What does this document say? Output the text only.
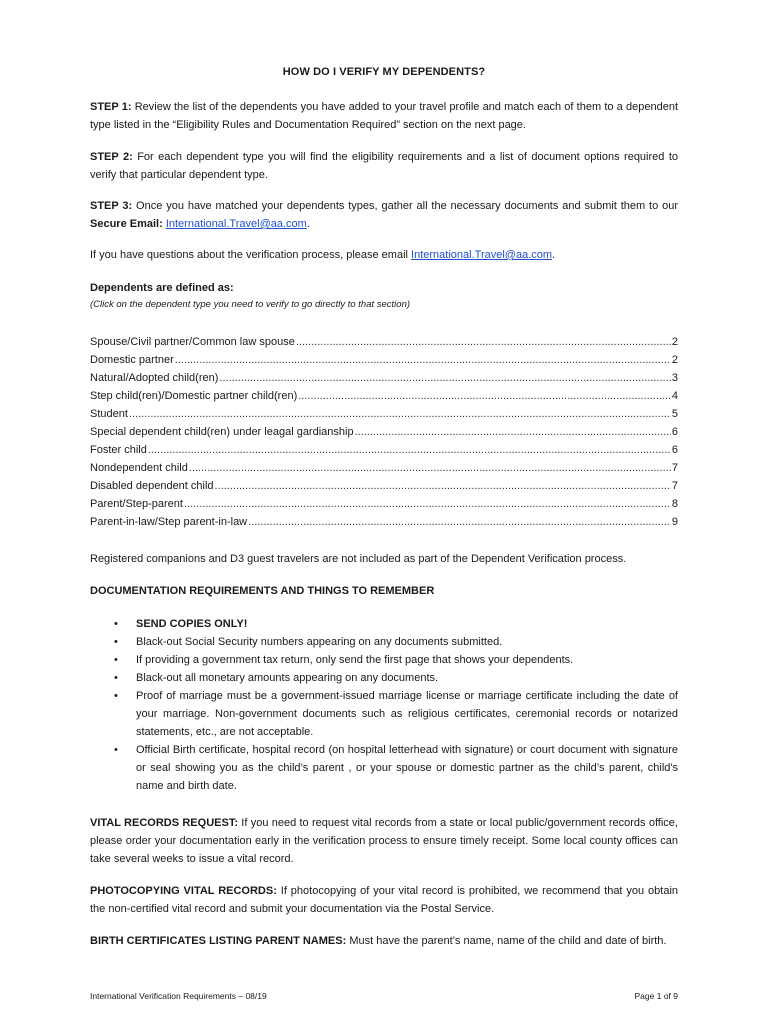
HOW DO I VERIFY MY DEPENDENTS?
STEP 1: Review the list of the dependents you have added to your travel profile and match each of them to a dependent type listed in the “Eligibility Rules and Documentation Required” section on the next page.
STEP 2: For each dependent type you will find the eligibility requirements and a list of document options required to verify that particular dependent type.
STEP 3: Once you have matched your dependents types, gather all the necessary documents and submit them to our Secure Email: International.Travel@aa.com.
If you have questions about the verification process, please email International.Travel@aa.com.
Dependents are defined as:
(Click on the dependent type you need to verify to go directly to that section)
Spouse/Civil partner/Common law spouse .....	2
Domestic partner .....	2
Natural/Adopted child(ren) .....	3
Step child(ren)/Domestic partner child(ren) .....	4
Student .....	5
Special dependent child(ren) under leagal gardianship .....	6
Foster child .....	6
Nondependent child .....	7
Disabled dependent child .....	7
Parent/Step-parent .....	8
Parent-in-law/Step parent-in-law .....	9
Registered companions and D3 guest travelers are not included as part of the Dependent Verification process.
DOCUMENTATION REQUIREMENTS AND THINGS TO REMEMBER
• SEND COPIES ONLY!
• Black-out Social Security numbers appearing on any documents submitted.
• If providing a government tax return, only send the first page that shows your dependents.
• Black-out all monetary amounts appearing on any documents.
• Proof of marriage must be a government-issued marriage license or marriage certificate including the date of your marriage. Non-government documents such as religious certificates, ceremonial records or notarized statements, etc., are not acceptable.
• Official Birth certificate, hospital record (on hospital letterhead with signature) or court document with signature or seal showing you as the child’s parent , or your spouse or domestic partner as the child’s parent, child's name and birth date.
VITAL RECORDS REQUEST: If you need to request vital records from a state or local public/government records office, please order your documentation early in the verification process to ensure timely receipt. Some local county offices can take several weeks to issue a vital record.
PHOTOCOPYING VITAL RECORDS: If photocopying of your vital record is prohibited, we recommend that you obtain the non-certified vital record and submit your documentation via the Postal Service.
BIRTH CERTIFICATES LISTING PARENT NAMES: Must have the parent’s name, name of the child and date of birth.
International Verification Requirements – 08/19	Page 1 of 9
